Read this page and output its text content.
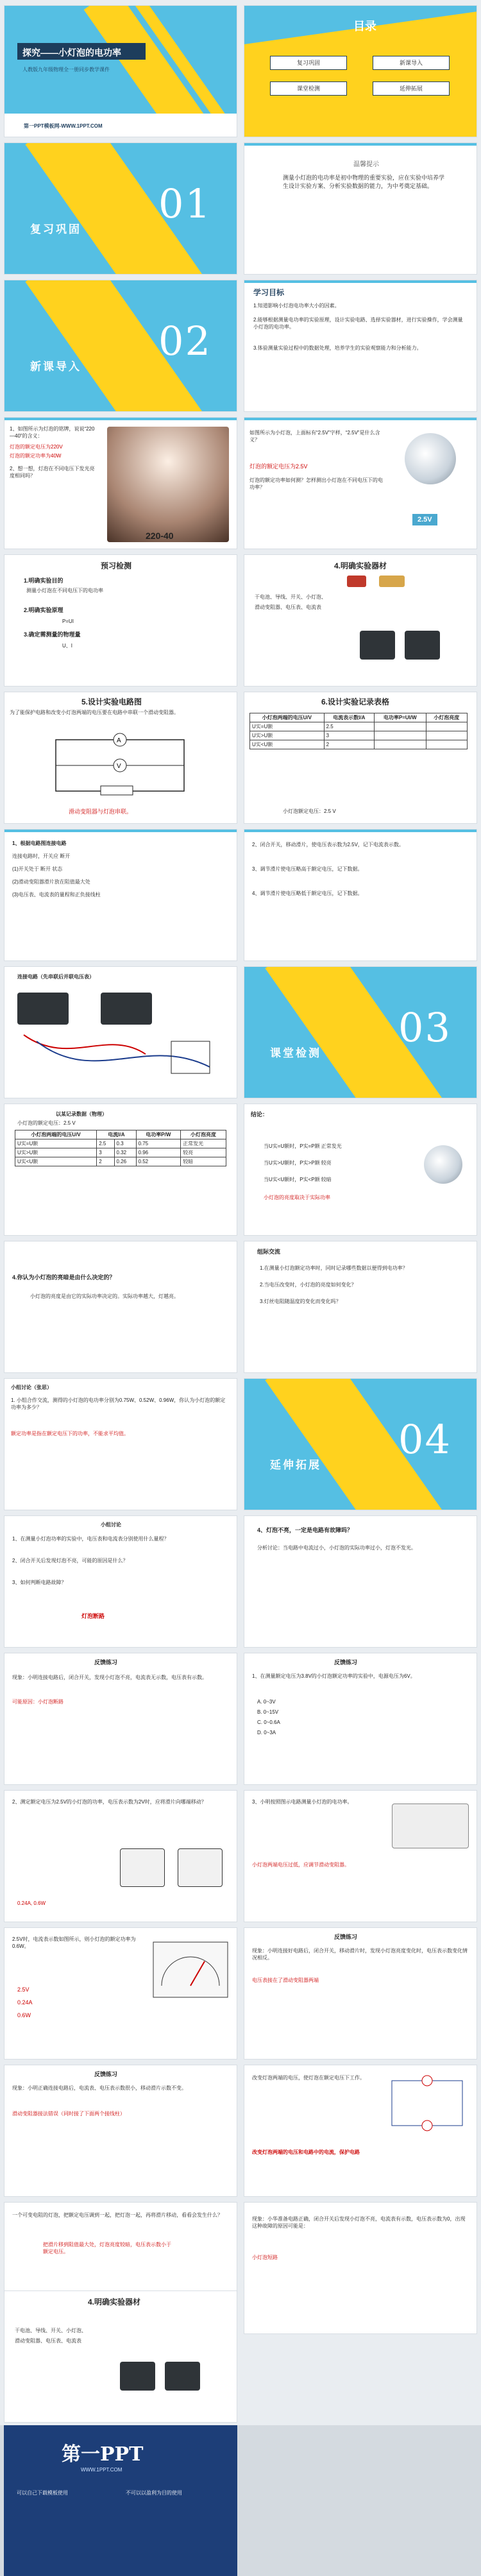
探究——小灯泡的电功率
人教版九年级物理全一册同步教学课件
第一PPT模板网-WWW.1PPT.COM
目录
复习巩固	新课导入
课堂检测	延伸拓展
01
复习巩固
温馨提示
测量小灯泡的电功率是初中物理的重要实验，应在实验中培养学生设计实验方案、分析实验数据的能力，为中考奠定基础。
02
新课导入
学习目标
1.知道影响小灯泡电功率大小的因素。
2.能够根据测量电功率的实验原理，设计实验电路、选择实验器材，进行实验操作，学会测量小灯泡的电功率。
3.体验测量实验过程中的数据处理，培养学生的实验观察能力和分析能力。
1、如图所示为灯泡的铭牌，说说“220—40”的含义：
灯泡的额定电压为220V
灯泡的额定功率为40W
2、想一想，灯泡在不同电压下发光亮度相同吗？
220-40
如图所示为小灯泡，上面标有“2.5V”字样，“2.5V”是什么含义？
灯泡的额定电压为2.5V
灯泡的额定功率如何测？怎样测出小灯泡在不同电压下的电功率？
2.5V
预习检测
1.明确实验目的
测量小灯泡在不同电压下的电功率
2.明确实验原理
P=UI
3.确定需测量的物理量
U、I
4.明确实验器材
干电池、导线、开关、小灯泡、
滑动变阻器、电压表、电流表
5.设计实验电路图
为了能保护电路和改变小灯泡两端的电压要在电路中串联一个滑动变阻器。
A
V
滑动变阻器与灯泡串联。
6.设计实验记录表格
小灯泡两端的电压U/V	电流表示数I/A	电功率P=UI/W	小灯泡亮度
U实=U额	2.5		
U实>U额	3		
U实<U额	2		
小灯泡额定电压：2.5 V
1、根据电路图连接电路
连接电路时，开关应 断开
(1)开关处于 断开 状态
(2)滑动变阻器滑片放在阻值最大处
(3)电压表、电流表的量程和正负接线柱
2、闭合开关，移动滑片，使电压表示数为2.5V，记下电流表示数。
3、调节滑片使电压略高于额定电压，记下数据。
4、调节滑片使电压略低于额定电压，记下数据。
连接电路（先串联后并联电压表）
03
课堂检测
以某记录数据（物理）
小灯泡的额定电压：2.5 V
小灯泡两端的电压U/V	电流I/A		电功率P/W	小灯泡亮度
U实=U额	2.5	0.3	0.75	正常发光
U实>U额	3	0.32	0.96	较亮
U实<U额	2	0.26	0.52	较暗
结论：
当U实=U额时，P实=P额 正常发光
当U实>U额时，P实>P额 较亮
当U实<U额时，P实<P额 较暗
小灯泡的亮度取决于实际功率
4.你认为小灯泡的亮暗是由什么决定的？
小灯泡的亮度是由它的实际功率决定的。实际功率越大，灯越亮。
组际交流
1.在测量小灯泡额定功率时，同时记录哪些数据以便得到电功率？
2.当电压改变时，小灯泡的亮度如何变化？
3.灯丝电阻随温度的变化而变化吗？
小组讨论（张思）
1. 小组合作交流，测得的小灯泡的电功率分别为0.75W、0.52W、0.96W，你认为小灯泡的额定功率为多少？
额定功率是指在额定电压下的功率，不能求平均值。	04
延伸拓展
小组讨论
1、在测量小灯泡功率的实验中，电压表和电流表分别使用什么量程？
2、闭合开关后发现灯泡不亮，可能的原因是什么？
3、如何判断电路故障？
灯泡断路
4、灯泡不亮，一定是电路有故障吗？
分析讨论：当电路中电流过小，小灯泡的实际功率过小，灯泡不发光。
反馈练习
现象：小明连接电路后，闭合开关，发现小灯泡不亮，电流表无示数，电压表有示数。
可能原因：小灯泡断路
反馈练习
1、在测量额定电压为3.8V的小灯泡额定功率的实验中，电源电压为6V。
A. 0~3V
B. 0~15V
C. 0~0.6A
D. 0~3A
2、测定额定电压为2.5V的小灯泡的功率，电压表示数为2V时，应将滑片向哪端移动？
0.24A, 0.6W
3、小明按照图示电路测量小灯泡的电功率。
小灯泡两端电压过低，应调节滑动变阻器。
2.5V时，电流表示数如图所示，则小灯泡的额定功率为 0.6W。
2.5V
0.24A
0.6W
反馈练习
现象：小明连接好电路后，闭合开关，移动滑片时，发现小灯泡亮度变化时，电压表示数变化情况相反。
电压表接在了滑动变阻器两端
反馈练习
现象：小明正确连接电路后，电流表、电压表示数很小，移动滑片示数不变。
滑动变阻器接法错误（同时接了下面两个接线柱）
改变灯泡两端的电压，使灯泡在额定电压下工作。
改变灯泡两端的电压和电路中的电流，保护电路
一个可变电阻的灯泡，把额定电压调到一起，把灯泡一起，再将滑片移动，看看会发生什么？
把滑片移到阻值最大处，灯泡亮度较暗，电压表示数小于额定电压。
现象：小华准备电路正确，闭合开关后发现小灯泡不亮，电流表有示数，电压表示数为0，出现这种故障的原因可能是：
小灯泡短路
4.明确实验器材
干电池、导线、开关、小灯泡、
滑动变阻器、电压表、电流表
第一PPT
WWW.1PPT.COM
可以自己下载模板使用	不可以以盈利为目的使用
